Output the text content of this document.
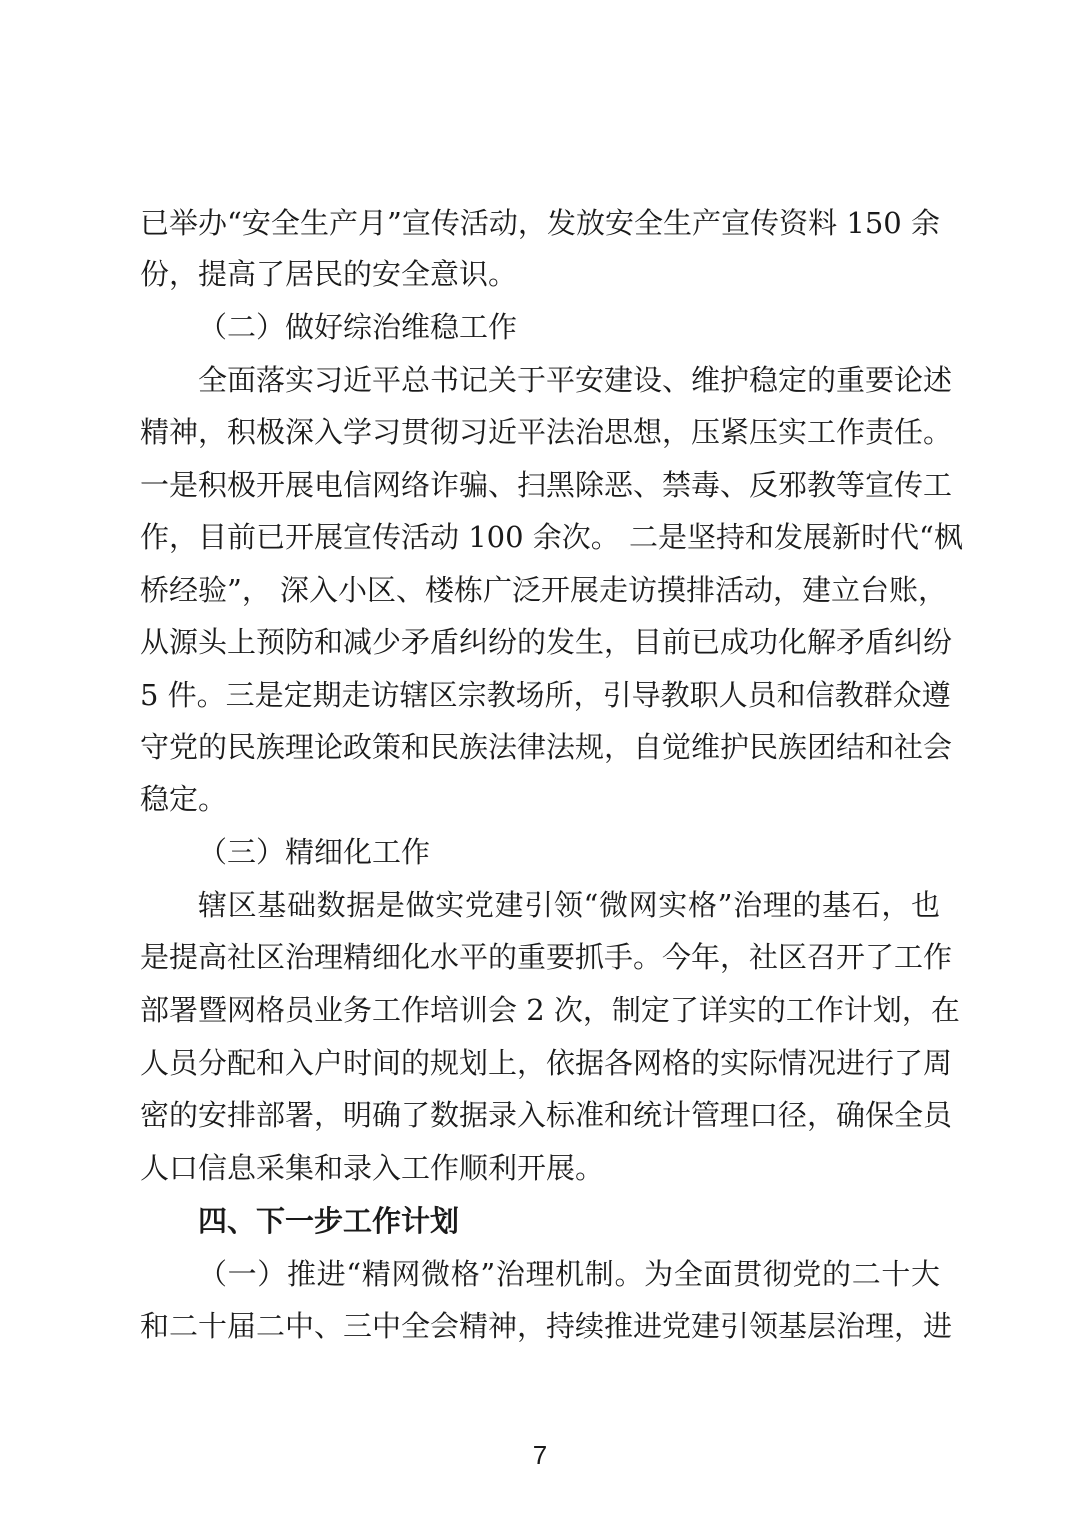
已举办“安全生产月”宣传活动，发放安全生产宣传资料 150 余
份，提高了居民的安全意识。
（二）做好综治维稳工作
全面落实习近平总书记关于平安建设、维护稳定的重要论述
精神，积极深入学习贯彻习近平法治思想，压紧压实工作责任。
一是积极开展电信网络诈骗、扫黑除恶、禁毒、反邪教等宣传工
作，目前已开展宣传活动 100 余次。 二是坚持和发展新时代“枫
桥经验”， 深入小区、楼栋广泛开展走访摸排活动，建立台账，
从源头上预防和减少矛盾纠纷的发生，目前已成功化解矛盾纠纷
5 件。三是定期走访辖区宗教场所，引导教职人员和信教群众遵
守党的民族理论政策和民族法律法规，自觉维护民族团结和社会
稳定。
（三）精细化工作
辖区基础数据是做实党建引领“微网实格”治理的基石，也
是提高社区治理精细化水平的重要抓手。今年，社区召开了工作
部署暨网格员业务工作培训会 2 次，制定了详实的工作计划，在
人员分配和入户时间的规划上，依据各网格的实际情况进行了周
密的安排部署，明确了数据录入标准和统计管理口径，确保全员
人口信息采集和录入工作顺利开展。
四、下一步工作计划
（一）推进“精网微格”治理机制。为全面贯彻党的二十大
和二十届二中、三中全会精神，持续推进党建引领基层治理，进
7
